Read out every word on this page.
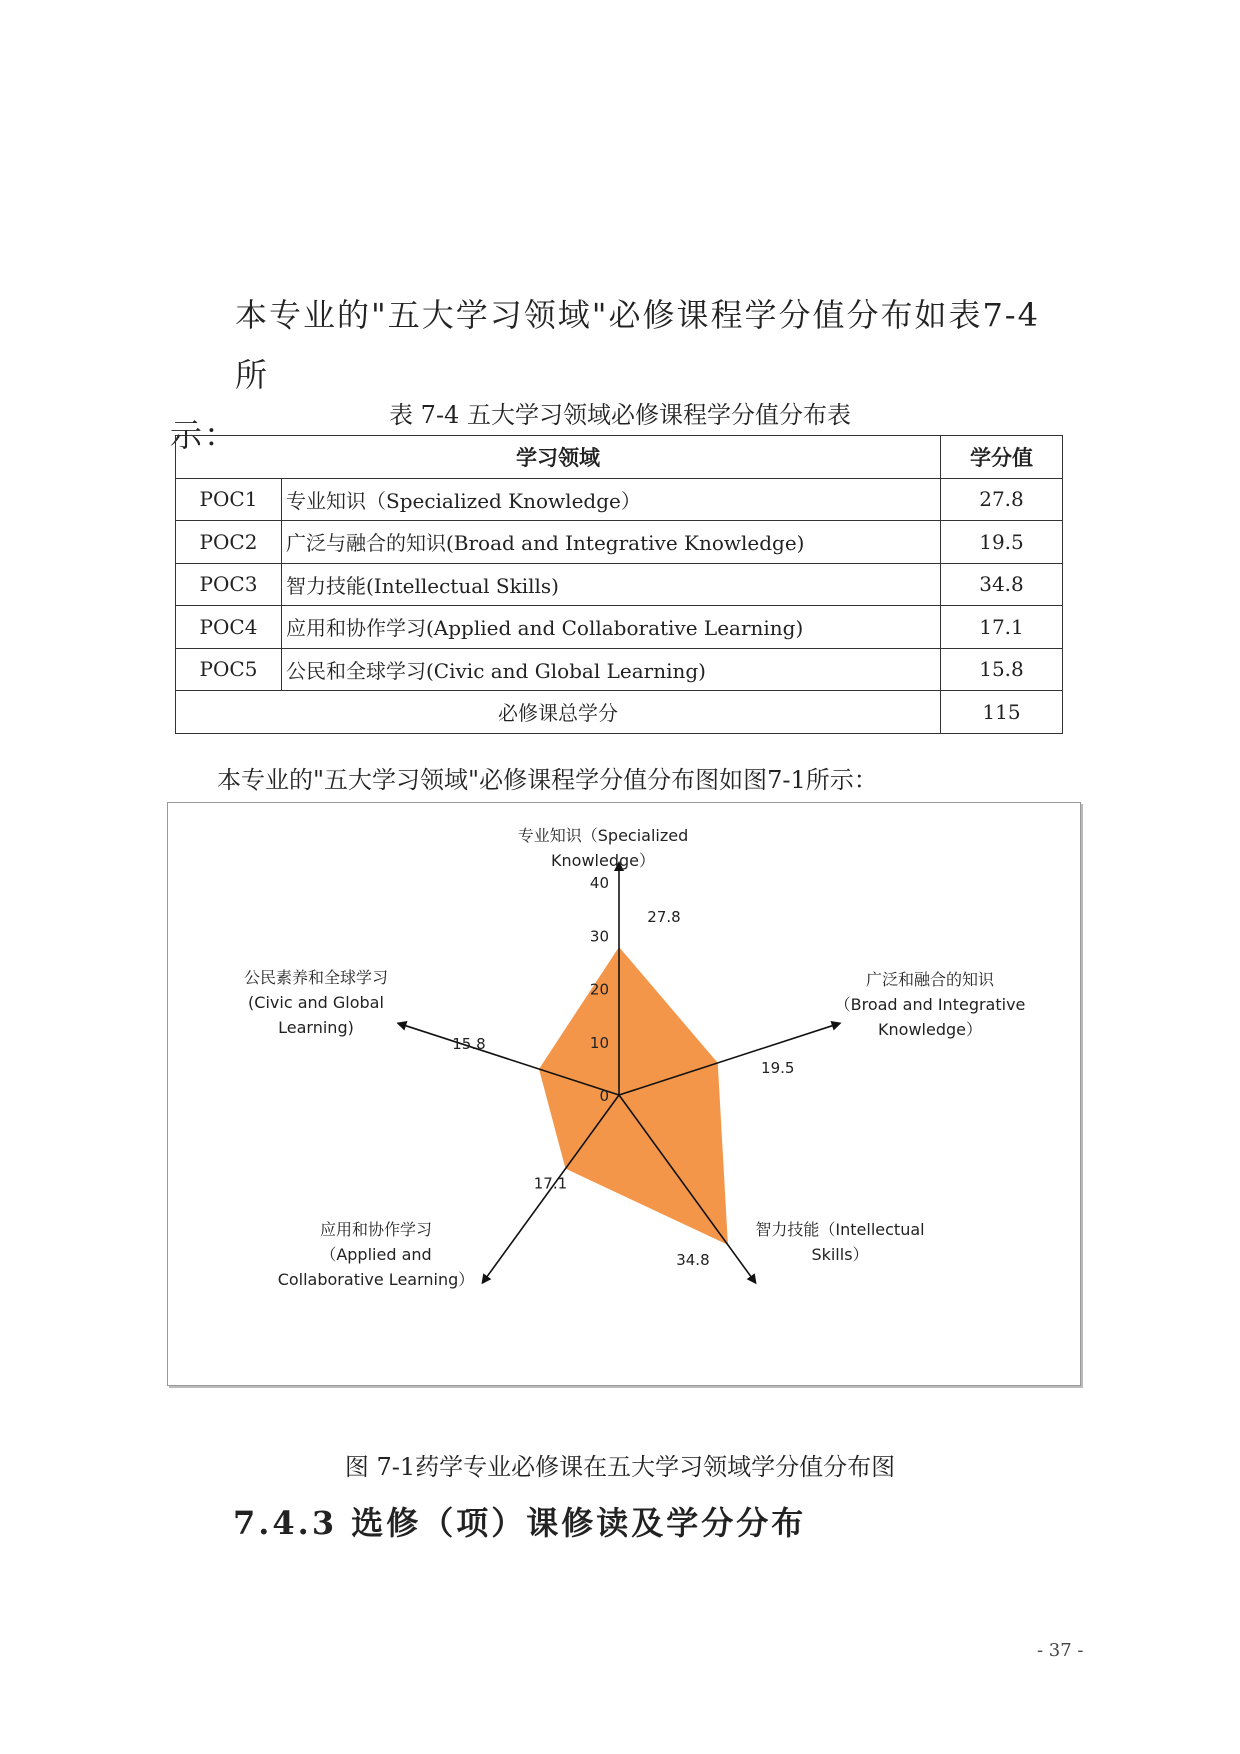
本专业的"五大学习领域"必修课程学分值分布如表7-4所
示：
表 7-4 五大学习领域必修课程学分值分布表
学习领域		学分值
POC1	专业知识（Specialized Knowledge）	27.8
POC2	广泛与融合的知识(Broad and Integrative Knowledge)	19.5
POC3	智力技能(Intellectual Skills)	34.8
POC4	应用和协作学习(Applied and Collaborative Learning)	17.1
POC5	公民和全球学习(Civic and Global Learning)	15.8
必修课总学分		115
本专业的"五大学习领域"必修课程学分值分布图如图7-1所示：
0
10
20
30
40
27.8
19.5
34.8
17.1
15.8
专业知识（Specialized Knowledge）
广泛和融合的知识（Broad and Integrative Knowledge）
智力技能（Intellectual Skills）
应用和协作学习（Applied and Collaborative Learning）
公民素养和全球学习(Civic and Global Learning)
图 7-1药学专业必修课在五大学习领域学分值分布图
7.4.3 选修（项）课修读及学分分布
- 37 -
